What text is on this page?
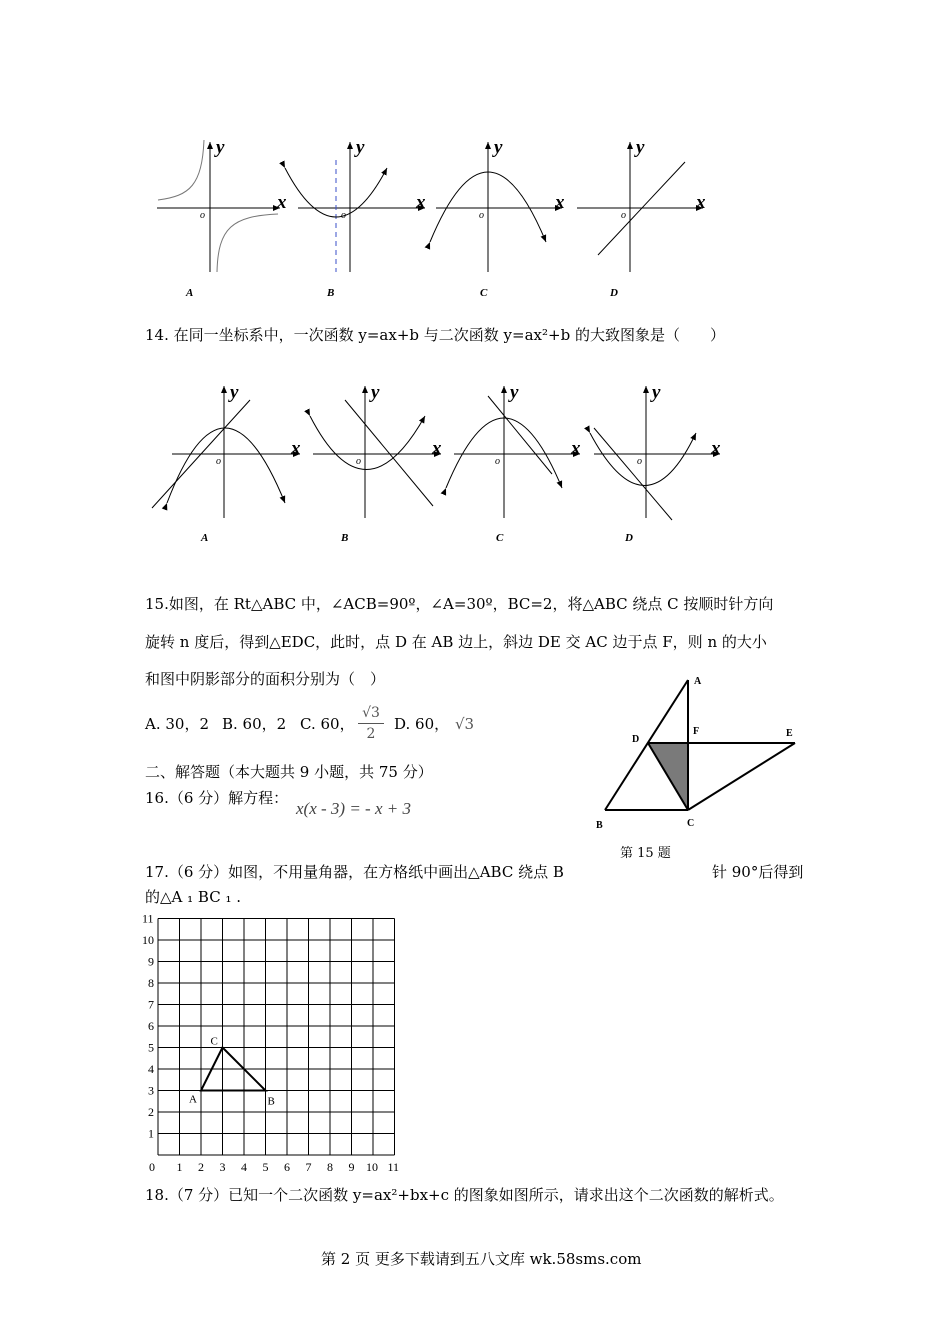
y
x
o
A
y
x
o
B
y
x
o
C
y
x
o
D
14. 在同一坐标系中，一次函数 y=ax+b 与二次函数 y=ax²+b 的大致图象是（　　）
y
x
o
A
y
x
o
B
y
x
o
C
y
x
o
D
15.如图，在 Rt△ABC 中，∠ACB=90º，∠A=30º，BC=2，将△ABC 绕点 C 按顺时针方向
旋转 n 度后，得到△EDC，此时，点 D 在 AB 边上，斜边 DE 交 AC 边于点 F，则 n 的大小
和图中阴影部分的面积分别为（　）
A. 30，2 B. 60，2 C. 60，
√3
2
D. 60， √3
A
F	E
D
B	C
第 15 题
二、解答题（本大题共 9 小题，共 75 分）
16.（6 分）解方程：
x(x - 3) = - x + 3
17.（6 分）如图，不用量角器，在方格纸中画出△ABC 绕点 B	针 90°后得到
的△A ₁ BC ₁ .
0 1 2 3 4 5 6 7 8 9 10 11
1
2
3
4
5
6
7
8
9
10
11
A	B
C
18.（7 分）已知一个二次函数 y=ax²+bx+c 的图象如图所示，请求出这个二次函数的解析式。
第 2 页 更多下载请到五八文库 wk.58sms.com
